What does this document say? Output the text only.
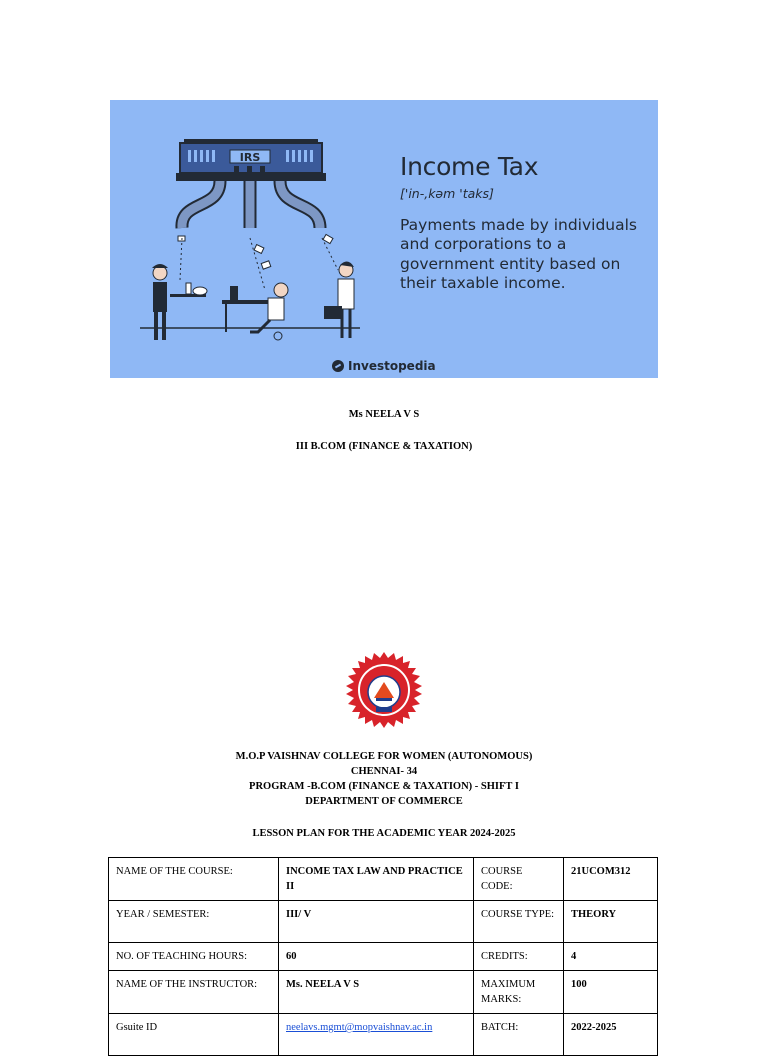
IRS	Income Tax
['in-,kəm 'taks]
Payments made by individuals and corporations to a government entity based on their taxable income.
Investopedia
Ms NEELA V S
III B.COM (FINANCE & TAXATION)
M.O.P VAISHNAV COLLEGE FOR WOMEN (AUTONOMOUS)
CHENNAI- 34
PROGRAM -B.COM (FINANCE & TAXATION) - SHIFT I
DEPARTMENT OF COMMERCE
LESSON PLAN FOR THE ACADEMIC YEAR 2024-2025
NAME OF THE COURSE:	INCOME TAX LAW AND PRACTICE II	COURSE CODE:	21UCOM312
YEAR / SEMESTER:	III/ V	COURSE TYPE:	THEORY
NO. OF TEACHING HOURS:	60	CREDITS:	4
NAME OF THE INSTRUCTOR:	Ms. NEELA V S	MAXIMUM MARKS:	100
Gsuite ID	neelavs.mgmt@mopvaishnav.ac.in	BATCH:	2022-2025
